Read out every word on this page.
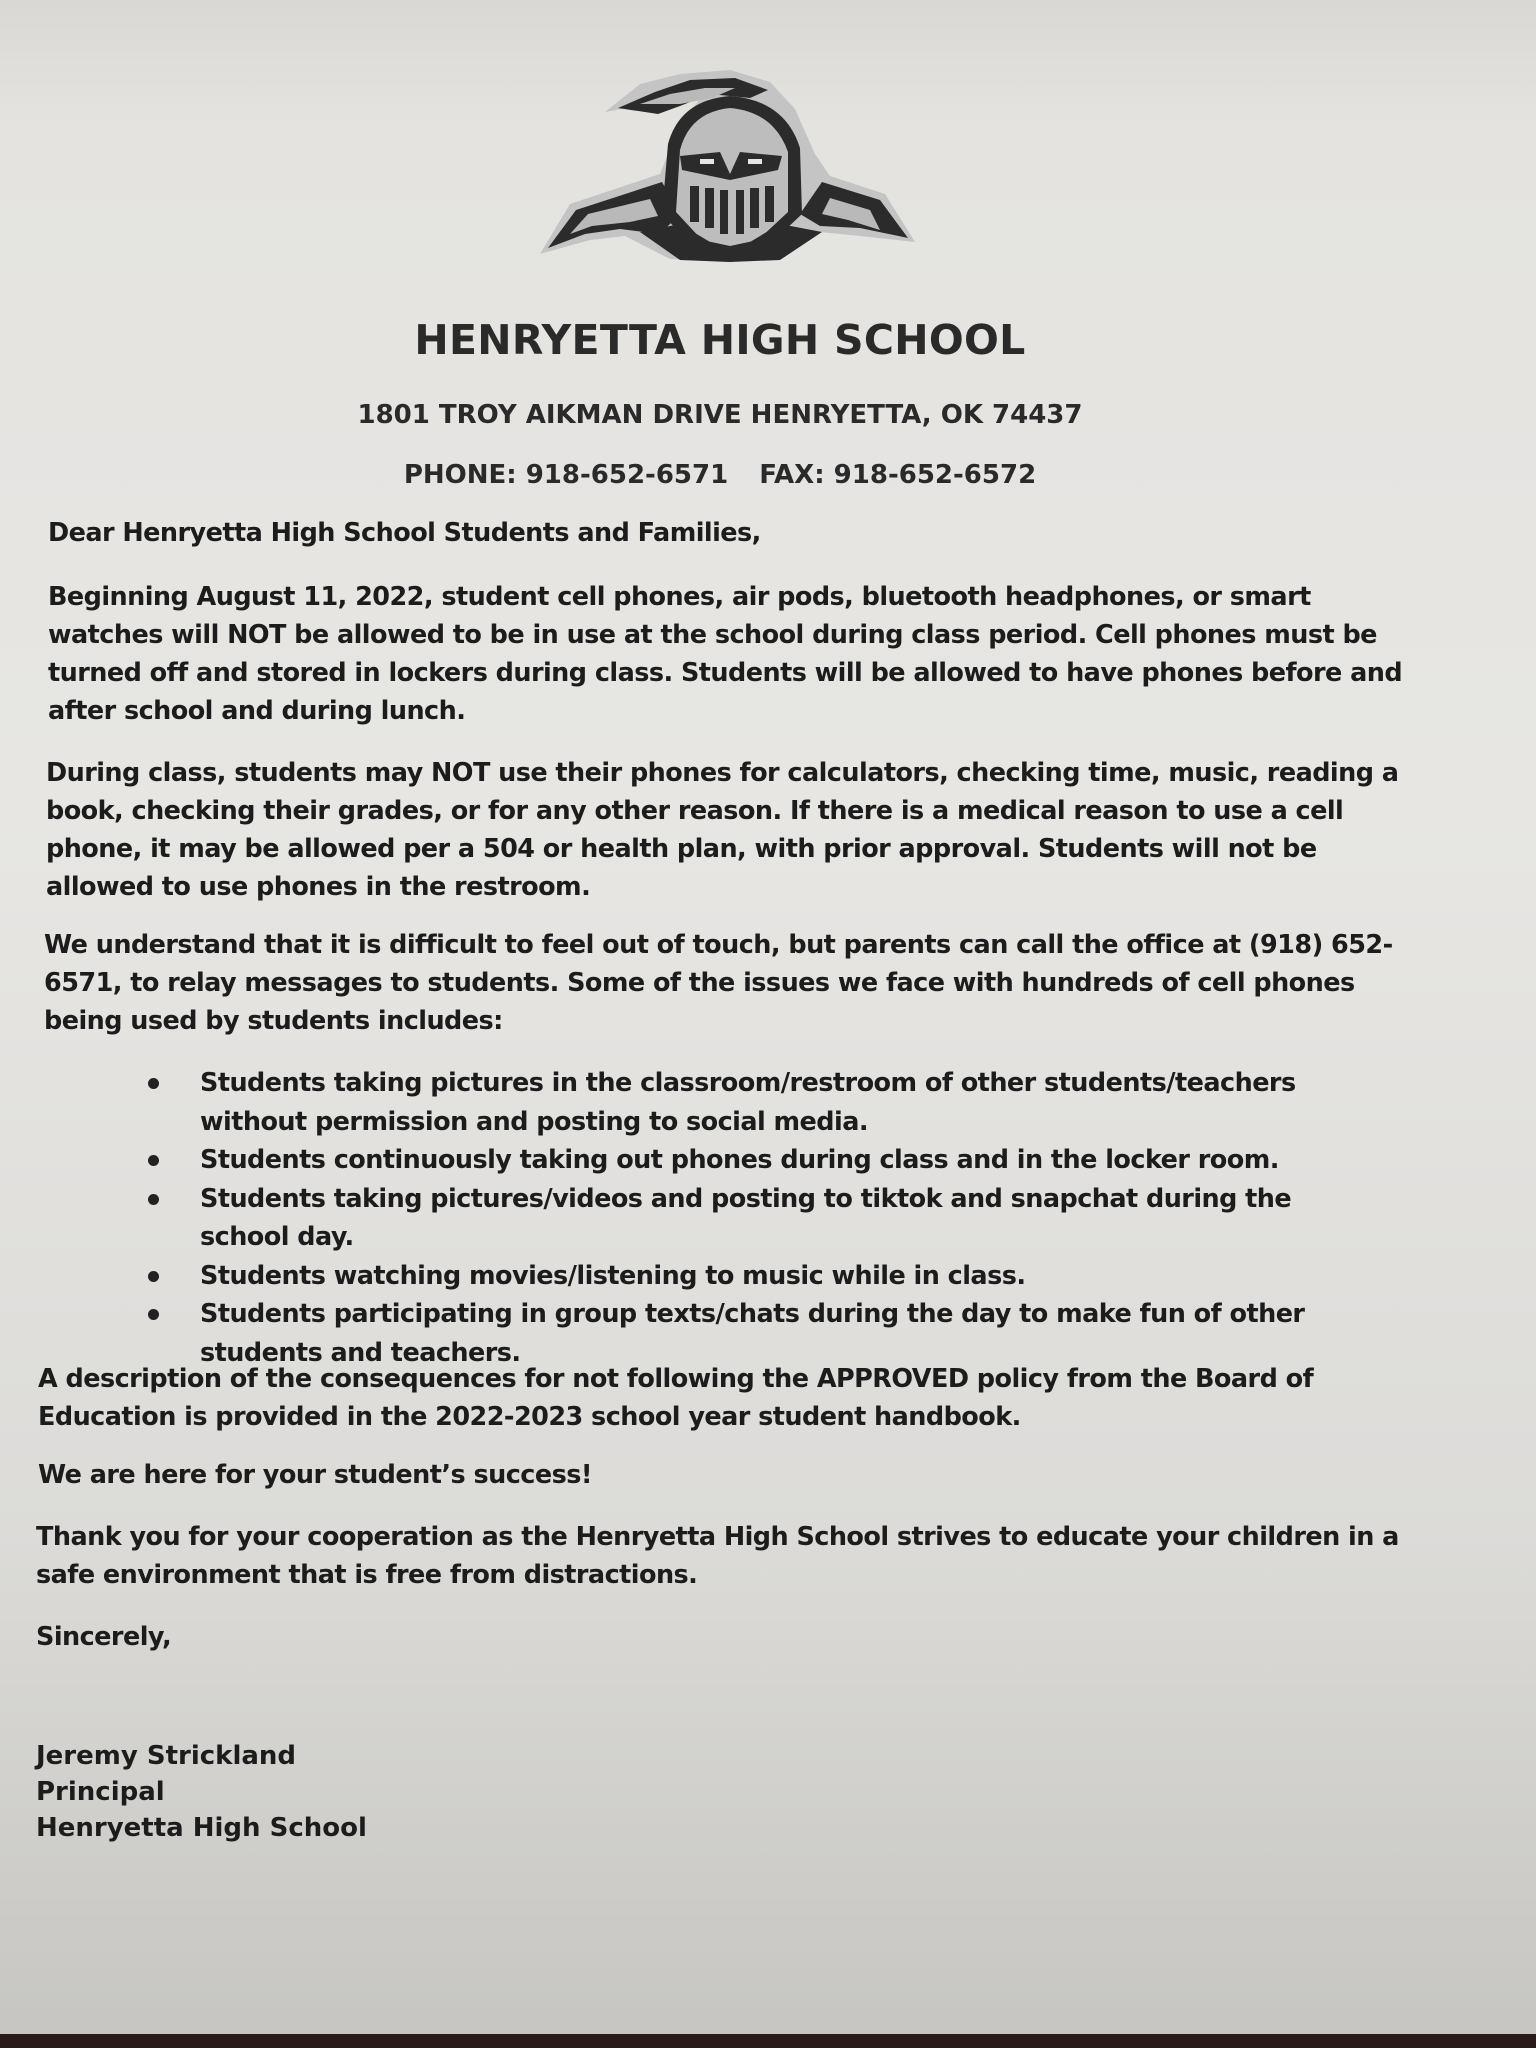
HENRYETTA HIGH SCHOOL
1801 TROY AIKMAN DRIVE HENRYETTA, OK 74437
PHONE: 918-652-6571 FAX: 918-652-6572

Dear Henryetta High School Students and Families,

Beginning August 11, 2022, student cell phones, air pods, bluetooth headphones, or smart watches will NOT be allowed to be in use at the school during class period. Cell phones must be turned off and stored in lockers during class. Students will be allowed to have phones before and after school and during lunch.

During class, students may NOT use their phones for calculators, checking time, music, reading a book, checking their grades, or for any other reason. If there is a medical reason to use a cell phone, it may be allowed per a 504 or health plan, with prior approval. Students will not be allowed to use phones in the restroom.

We understand that it is difficult to feel out of touch, but parents can call the office at (918) 652-6571, to relay messages to students. Some of the issues we face with hundreds of cell phones being used by students includes:

Students taking pictures in the classroom/restroom of other students/teachers without permission and posting to social media.
Students continuously taking out phones during class and in the locker room.
Students taking pictures/videos and posting to tiktok and snapchat during the school day.
Students watching movies/listening to music while in class.
Students participating in group texts/chats during the day to make fun of other students and teachers.

A description of the consequences for not following the APPROVED policy from the Board of Education is provided in the 2022-2023 school year student handbook.

We are here for your student’s success!

Thank you for your cooperation as the Henryetta High School strives to educate your children in a safe environment that is free from distractions.

Sincerely,

Jeremy Strickland
Principal
Henryetta High School
